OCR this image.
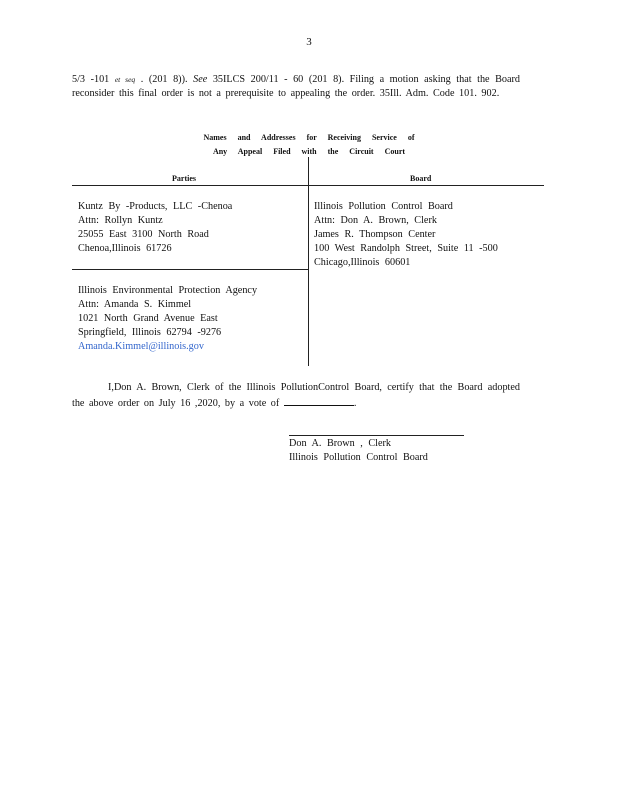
3
5/3 -101 et seq . (201 8)). See 35ILCS 200/11 - 60 (201 8). Filing a motion asking that the Board reconsider this final order is not a prerequisite to appealing the order. 35Ill. Adm. Code 101. 902.
Names and Addresses for Receiving Service of
Any Appeal Filed with the Circuit Court
Parties	Board
Kuntz By -Products, LLC -Chenoa
Attn: Rollyn Kuntz
25055 East 3100 North Road
Chenoa,Illinois 61726
Illinois Environmental Protection Agency
Attn: Amanda S. Kimmel
1021 North Grand Avenue East
Springfield, Illinois 62794 -9276
Amanda.Kimmel@illinois.gov
Illinois Pollution Control Board
Attn: Don A. Brown, Clerk
James R. Thompson Center
100 West Randolph Street, Suite 11 -500
Chicago,Illinois 60601
I,Don A. Brown, Clerk of the Illinois PollutionControl Board, certify that the Board adopted the above order on July 16 ,2020, by a vote of	.
Don A. Brown , Clerk
Illinois Pollution Control Board
